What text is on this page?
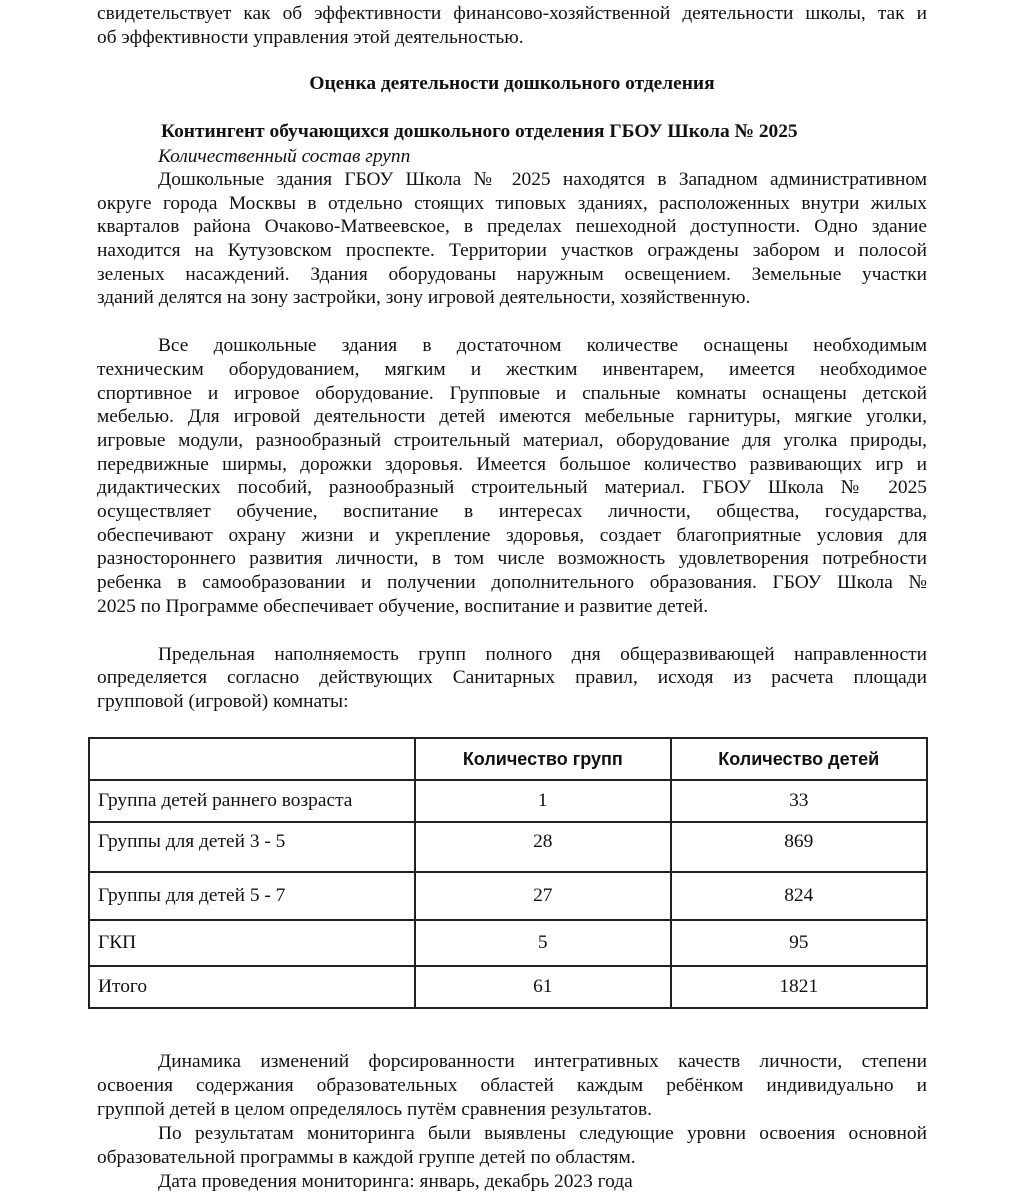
свидетельствует как об эффективности финансово-хозяйственной деятельности школы, так и
об эффективности управления этой деятельностью.
Оценка деятельности дошкольного отделения
Контингент обучающихся дошкольного отделения ГБОУ Школа № 2025
Количественный состав групп
Дошкольные здания ГБОУ Школа № 2025 находятся в Западном административном
округе города Москвы в отдельно стоящих типовых зданиях, расположенных внутри жилых
кварталов района Очаково-Матвеевское, в пределах пешеходной доступности. Одно здание
находится на Кутузовском проспекте. Территории участков ограждены забором и полосой
зеленых насаждений. Здания оборудованы наружным освещением. Земельные участки
зданий делятся на зону застройки, зону игровой деятельности, хозяйственную.
Все дошкольные здания в достаточном количестве оснащены необходимым
техническим оборудованием, мягким и жестким инвентарем, имеется необходимое
спортивное и игровое оборудование. Групповые и спальные комнаты оснащены детской
мебелью. Для игровой деятельности детей имеются мебельные гарнитуры, мягкие уголки,
игровые модули, разнообразный строительный материал, оборудование для уголка природы,
передвижные ширмы, дорожки здоровья. Имеется большое количество развивающих игр и
дидактических пособий, разнообразный строительный материал. ГБОУ Школа № 2025
осуществляет обучение, воспитание в интересах личности, общества, государства,
обеспечивают охрану жизни и укрепление здоровья, создает благоприятные условия для
разностороннего развития личности, в том числе возможность удовлетворения потребности
ребенка в самообразовании и получении дополнительного образования. ГБОУ Школа №
2025 по Программе обеспечивает обучение, воспитание и развитие детей.
Предельная наполняемость групп полного дня общеразвивающей направленности
определяется согласно действующих Санитарных правил, исходя из расчета площади
групповой (игровой) комнаты:
Динамика изменений форсированности интегративных качеств личности, степени
освоения содержания образовательных областей каждым ребёнком индивидуально и
группой детей в целом определялось путём сравнения результатов.
По результатам мониторинга были выявлены следующие уровни освоения основной
образовательной программы в каждой группе детей по областям.
Дата проведения мониторинга: январь, декабрь 2023 года
	Количество групп	Количество детей
Группа детей раннего возраста	1	33
Группы для детей 3 - 5	28	869
Группы для детей 5 - 7	27	824
ГКП	5	95
Итого	61	1821
